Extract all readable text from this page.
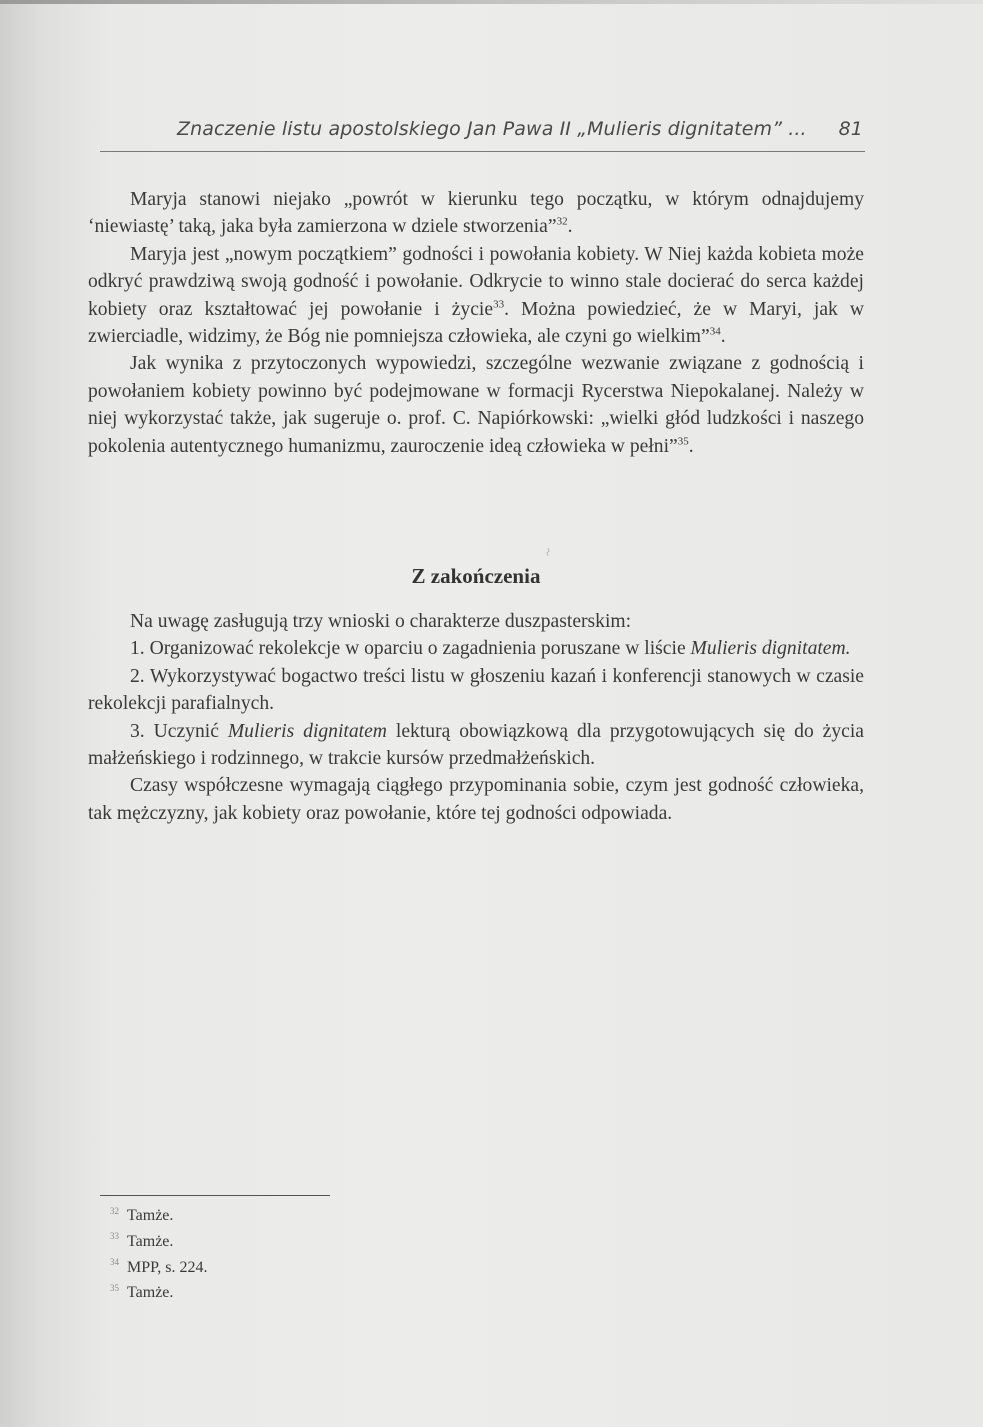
Znaczenie listu apostolskiego Jan Pawa II „Mulieris dignitatem” ... 81

Maryja stanowi niejako „powrót w kierunku tego początku, w którym odnajdujemy ‘niewiastę’ taką, jaka była zamierzona w dziele stworzenia”$^{32}$.

Maryja jest „nowym początkiem” godności i powołania kobiety. W Niej każda kobieta może odkryć prawdziwą swoją godność i powołanie. Odkrycie to winno stale docierać do serca każdej kobiety oraz kształtować jej powołanie i życie$^{33}$. Można powiedzieć, że w Maryi, jak w zwierciadle, widzimy, że Bóg nie pomniejsza człowieka, ale czyni go wielkim”$^{34}$.

Jak wynika z przytoczonych wypowiedzi, szczególne wezwanie związane z godnością i powołaniem kobiety powinno być podejmowane w formacji Rycerstwa Niepokalanej. Należy w niej wykorzystać także, jak sugeruje o. prof. C. Napiórkowski: „wielki głód ludzkości i naszego pokolenia autentycznego humanizmu, zauroczenie ideą człowieka w pełni”$^{35}$.

Z zakończenia

Na uwagę zasługują trzy wnioski o charakterze duszpasterskim:

1. Organizować rekolekcje w oparciu o zagadnienia poruszane w liście Mulieris dignitatem.

2. Wykorzystywać bogactwo treści listu w głoszeniu kazań i konferencji stanowych w czasie rekolekcji parafialnych.

3. Uczynić Mulieris dignitatem lekturą obowiązkową dla przygotowujących się do życia małżeńskiego i rodzinnego, w trakcie kursów przedmałżeńskich.

Czasy współczesne wymagają ciągłego przypominania sobie, czym jest godność człowieka, tak mężczyzny, jak kobiety oraz powołanie, które tej godności odpowiada.

$^{32}$ Tamże.
$^{33}$ Tamże.
$^{34}$ MPP, s. 224.
$^{35}$ Tamże.
